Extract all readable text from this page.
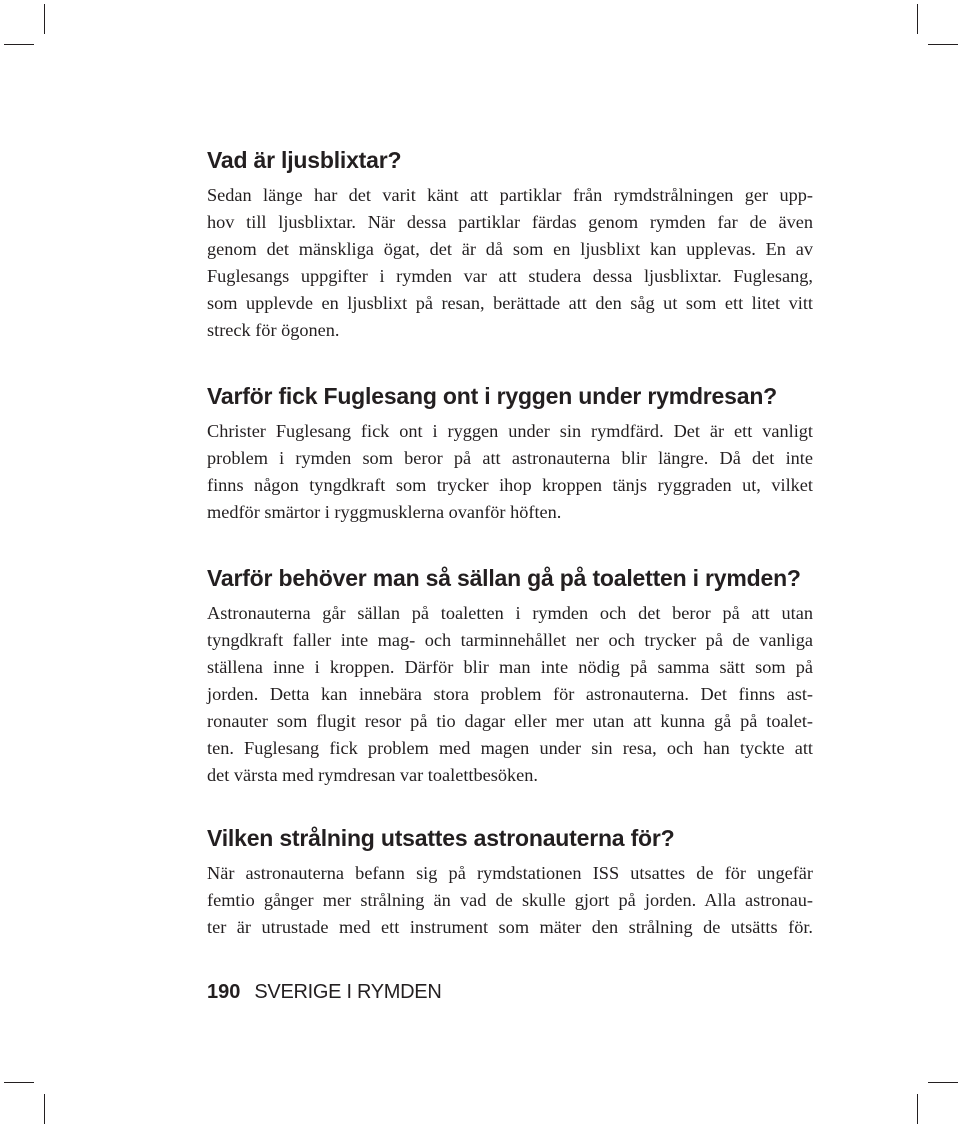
Vad är ljusblixtar?

Sedan länge har det varit känt att partiklar från rymdstrålningen ger upp-
hov till ljusblixtar. När dessa partiklar färdas genom rymden far de även
genom det mänskliga ögat, det är då som en ljusblixt kan upplevas. En av
Fuglesangs uppgifter i rymden var att studera dessa ljusblixtar. Fuglesang,
som upplevde en ljusblixt på resan, berättade att den såg ut som ett litet vitt
streck för ögonen.

Varför fick Fuglesang ont i ryggen under rymdresan?

Christer Fuglesang fick ont i ryggen under sin rymdfärd. Det är ett vanligt
problem i rymden som beror på att astronauterna blir längre. Då det inte
finns någon tyngdkraft som trycker ihop kroppen tänjs ryggraden ut, vilket
medför smärtor i ryggmusklerna ovanför höften.

Varför behöver man så sällan gå på toaletten i rymden?

Astronauterna går sällan på toaletten i rymden och det beror på att utan
tyngdkraft faller inte mag- och tarminnehållet ner och trycker på de vanliga
ställena inne i kroppen. Därför blir man inte nödig på samma sätt som på
jorden. Detta kan innebära stora problem för astronauterna. Det finns ast-
ronauter som flugit resor på tio dagar eller mer utan att kunna gå på toalet-
ten. Fuglesang fick problem med magen under sin resa, och han tyckte att
det värsta med rymdresan var toalettbesöken.

Vilken strålning utsattes astronauterna för?

När astronauterna befann sig på rymdstationen ISS utsattes de för ungefär
femtio gånger mer strålning än vad de skulle gjort på jorden. Alla astronau-
ter är utrustade med ett instrument som mäter den strålning de utsätts för.

190 SVERIGE I RYMDEN
